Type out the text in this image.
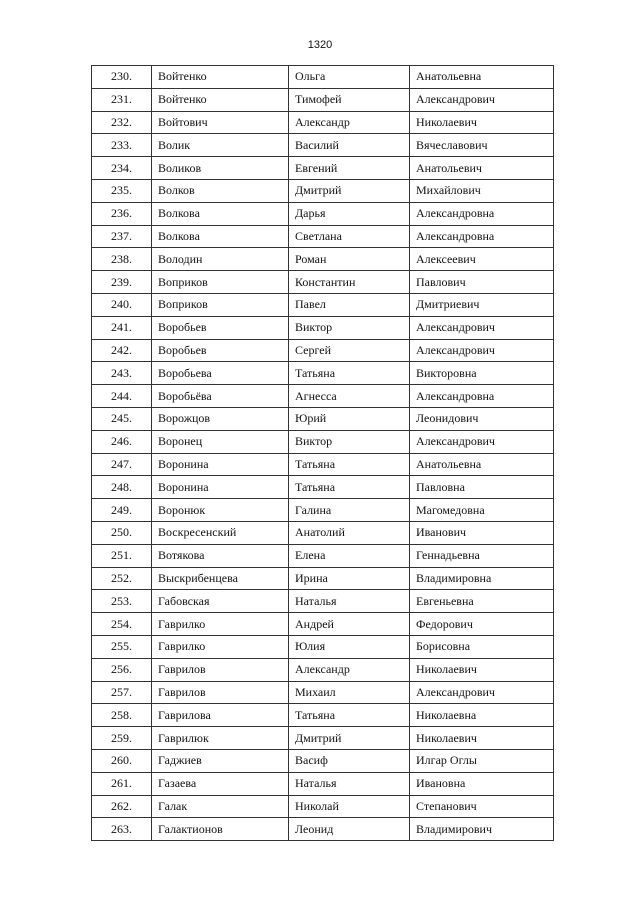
1320
230.	Войтенко	Ольга	Анатольевна
231.	Войтенко	Тимофей	Александрович
232.	Войтович	Александр	Николаевич
233.	Волик	Василий	Вячеславович
234.	Воликов	Евгений	Анатольевич
235.	Волков	Дмитрий	Михайлович
236.	Волкова	Дарья	Александровна
237.	Волкова	Светлана	Александровна
238.	Володин	Роман	Алексеевич
239.	Воприков	Константин	Павлович
240.	Воприков	Павел	Дмитриевич
241.	Воробьев	Виктор	Александрович
242.	Воробьев	Сергей	Александрович
243.	Воробьева	Татьяна	Викторовна
244.	Воробьёва	Агнесса	Александровна
245.	Ворожцов	Юрий	Леонидович
246.	Воронец	Виктор	Александрович
247.	Воронина	Татьяна	Анатольевна
248.	Воронина	Татьяна	Павловна
249.	Воронюк	Галина	Магомедовна
250.	Воскресенский	Анатолий	Иванович
251.	Вотякова	Елена	Геннадьевна
252.	Выскрибенцева	Ирина	Владимировна
253.	Габовская	Наталья	Евгеньевна
254.	Гаврилко	Андрей	Федорович
255.	Гаврилко	Юлия	Борисовна
256.	Гаврилов	Александр	Николаевич
257.	Гаврилов	Михаил	Александрович
258.	Гаврилова	Татьяна	Николаевна
259.	Гаврилюк	Дмитрий	Николаевич
260.	Гаджиев	Васиф	Илгар Оглы
261.	Газаева	Наталья	Ивановна
262.	Галак	Николай	Степанович
263.	Галактионов	Леонид	Владимирович
